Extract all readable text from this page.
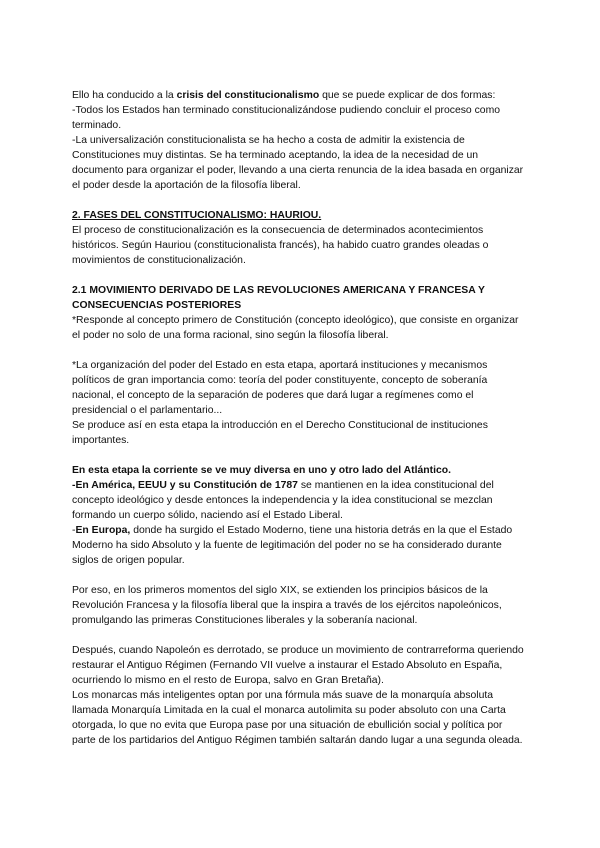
Ello ha conducido a la crisis del constitucionalismo que se puede explicar de dos formas:

-Todos los Estados han terminado constitucionalizándose pudiendo concluir el proceso como terminado.

-La universalización constitucionalista se ha hecho a costa de admitir la existencia de Constituciones muy distintas. Se ha terminado aceptando, la idea de la necesidad de un documento para organizar el poder, llevando a una cierta renuncia de la idea basada en organizar el poder desde la aportación de la filosofía liberal.

2. FASES DEL CONSTITUCIONALISMO: HAURIOU.

El proceso de constitucionalización es la consecuencia de determinados acontecimientos históricos. Según Hauriou (constitucionalista francés), ha habido cuatro grandes oleadas o movimientos de constitucionalización.

2.1 MOVIMIENTO DERIVADO DE LAS REVOLUCIONES AMERICANA Y FRANCESA Y CONSECUENCIAS POSTERIORES

*Responde al concepto primero de Constitución (concepto ideológico), que consiste en organizar el poder no solo de una forma racional, sino según la filosofía liberal.

*La organización del poder del Estado en esta etapa, aportará instituciones y mecanismos políticos de gran importancia como: teoría del poder constituyente, concepto de soberanía nacional, el concepto de la separación de poderes que dará lugar a regímenes como el presidencial o el parlamentario...

Se produce así en esta etapa la introducción en el Derecho Constitucional de instituciones importantes.

En esta etapa la corriente se ve muy diversa en uno y otro lado del Atlántico.

-En América, EEUU y su Constitución de 1787 se mantienen en la idea constitucional del concepto ideológico y desde entonces la independencia y la idea constitucional se mezclan formando un cuerpo sólido, naciendo así el Estado Liberal.

-En Europa, donde ha surgido el Estado Moderno, tiene una historia detrás en la que el Estado Moderno ha sido Absoluto y la fuente de legitimación del poder no se ha considerado durante siglos de origen popular.

Por eso, en los primeros momentos del siglo XIX, se extienden los principios básicos de la Revolución Francesa y la filosofía liberal que la inspira a través de los ejércitos napoleónicos, promulgando las primeras Constituciones liberales y la soberanía nacional.

Después, cuando Napoleón es derrotado, se produce un movimiento de contrarreforma queriendo restaurar el Antiguo Régimen (Fernando VII vuelve a instaurar el Estado Absoluto en España, ocurriendo lo mismo en el resto de Europa, salvo en Gran Bretaña).

Los monarcas más inteligentes optan por una fórmula más suave de la monarquía absoluta llamada Monarquía Limitada en la cual el monarca autolimita su poder absoluto con una Carta otorgada, lo que no evita que Europa pase por una situación de ebullición social y política por parte de los partidarios del Antiguo Régimen también saltarán dando lugar a una segunda oleada.
